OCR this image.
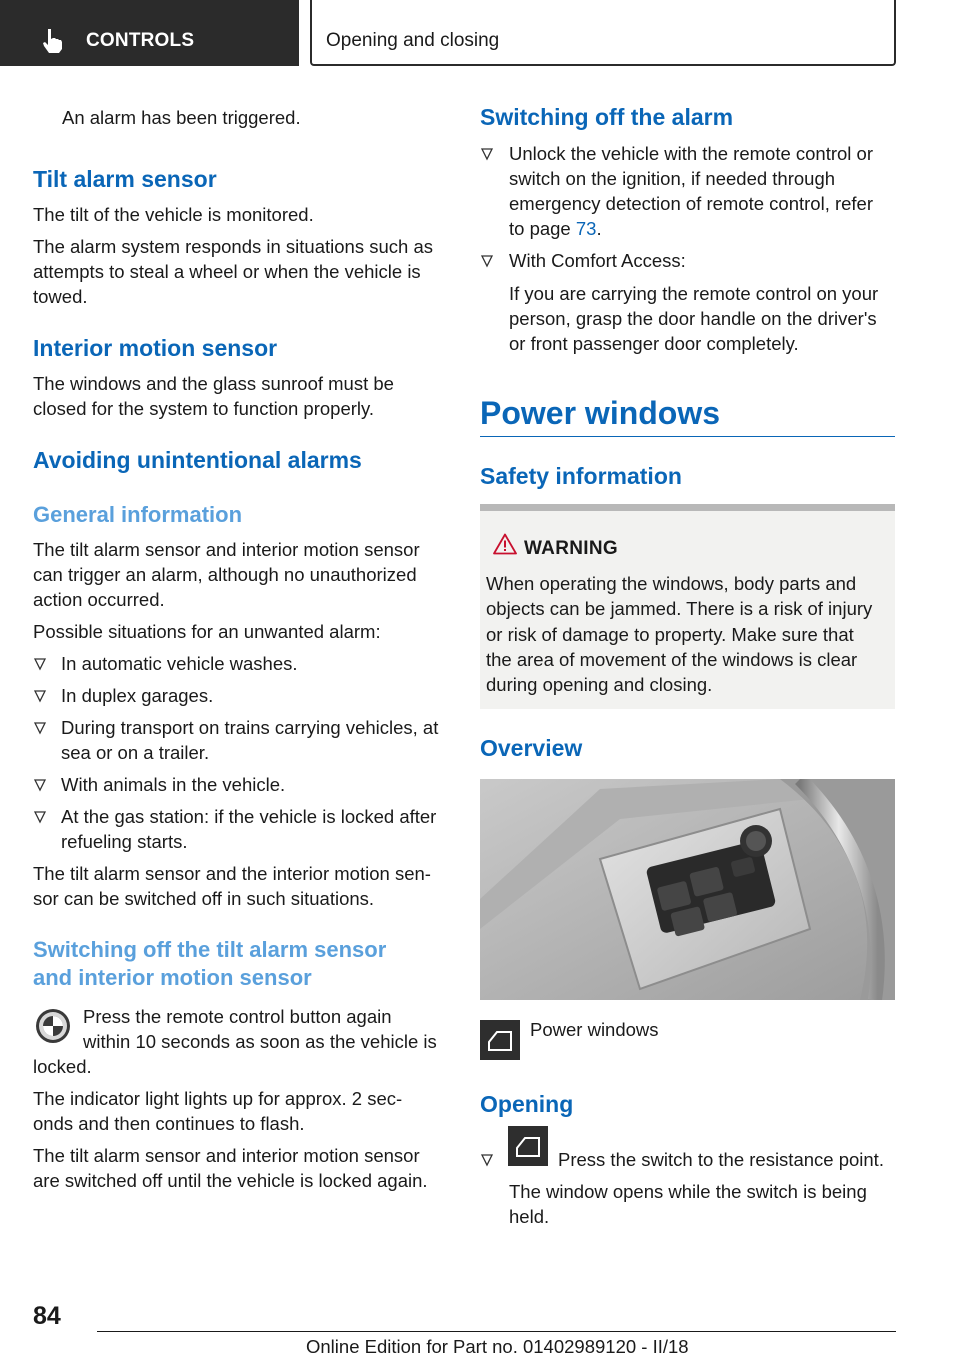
CONTROLS	Opening and closing
An alarm has been triggered.
Tilt alarm sensor
The tilt of the vehicle is monitored.
The alarm system responds in situations such as
attempts to steal a wheel or when the vehicle is
towed.
Interior motion sensor
The windows and the glass sunroof must be
closed for the system to function properly.
Avoiding unintentional alarms
General information
The tilt alarm sensor and interior motion sensor
can trigger an alarm, although no unauthorized
action occurred.
Possible situations for an unwanted alarm:
In automatic vehicle washes.
In duplex garages.
During transport on trains carrying vehicles, at
sea or on a trailer.
With animals in the vehicle.
At the gas station: if the vehicle is locked after
refueling starts.
The tilt alarm sensor and the interior motion sen‐
sor can be switched off in such situations.
Switching off the tilt alarm sensor
and interior motion sensor
Press the remote control button again
within 10 seconds as soon as the vehicle is
locked.
The indicator light lights up for approx. 2 sec‐
onds and then continues to flash.
The tilt alarm sensor and interior motion sensor
are switched off until the vehicle is locked again.
Switching off the alarm
Unlock the vehicle with the remote control or
switch on the ignition, if needed through
emergency detection of remote control, refer
to page 73.
With Comfort Access:
If you are carrying the remote control on your
person, grasp the door handle on the driver's
or front passenger door completely.
Power windows
Safety information
WARNING
When operating the windows, body parts and
objects can be jammed. There is a risk of injury
or risk of damage to property. Make sure that
the area of movement of the windows is clear
during opening and closing.
Overview
Power windows
Opening
Press the switch to the resistance point.
The window opens while the switch is being
held.
84
Online Edition for Part no. 01402989120 - II/18
